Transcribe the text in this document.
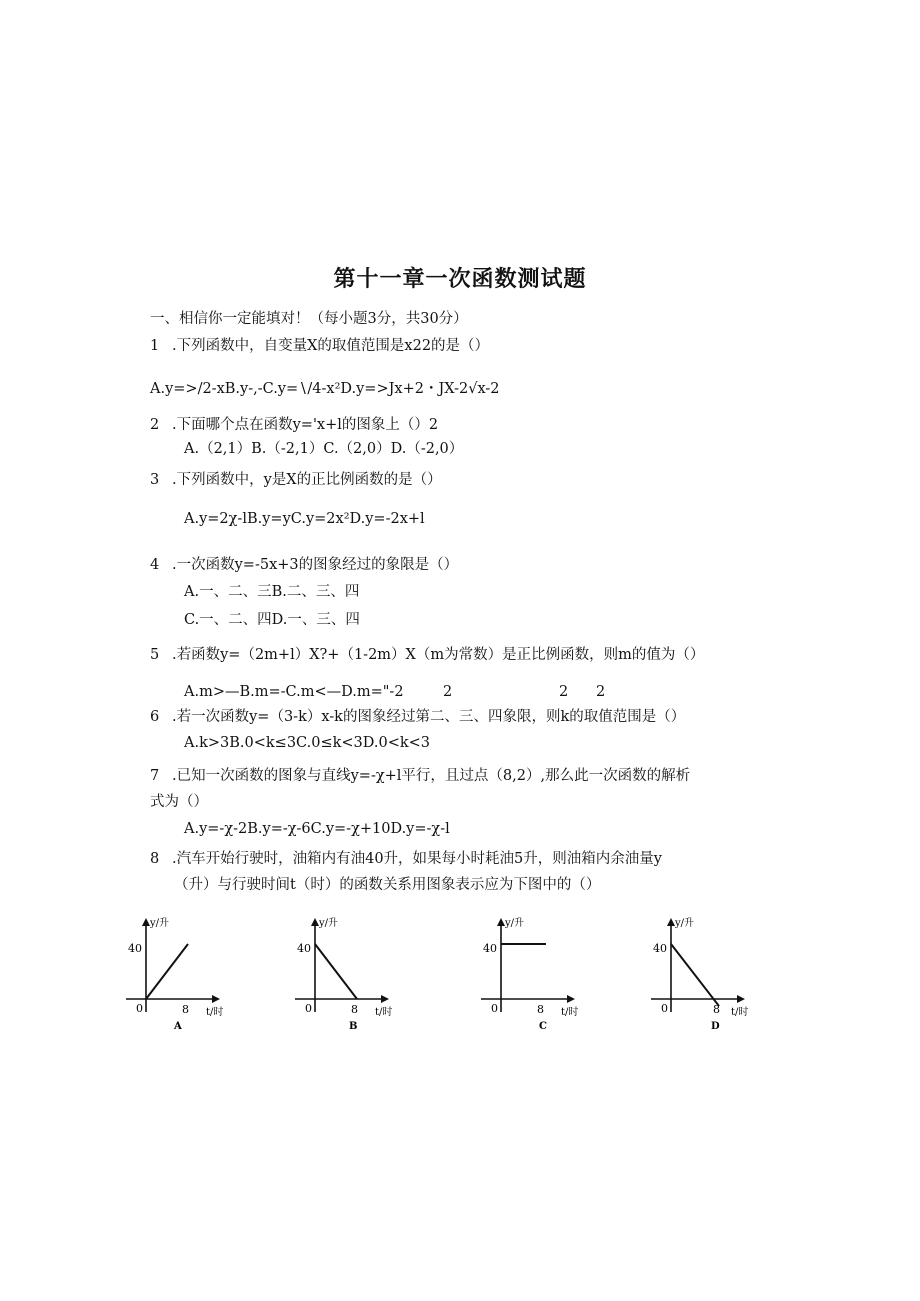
第十一章一次函数测试题
一、相信你一定能填对！（每小题3分，共30分）
1 .下列函数中，自变量X的取值范围是x22的是（）
A.y=>/2-xB.y-,-C.y=∖/4-x²D.y=>Jx+2・JX-2√x-2
2 .下面哪个点在函数y='x+l的图象上（）2
A.（2,1）B.（-2,1）C.（2,0）D.（-2,0）
3 .下列函数中，y是X的正比例函数的是（）
A.y=2χ-lB.y=yC.y=2x²D.y=-2x+l
4 .一次函数y=-5x+3的图象经过的象限是（）
A.一、二、三B.二、三、四
C.一、二、四D.一、三、四
5 .若函数y=（2m+l）X?+（1-2m）X（m为常数）是正比例函数，则m的值为（）
A.m>—B.m=-C.m<—D.m="-2	2	2 2
6 .若一次函数y=（3-k）x-k的图象经过第二、三、四象限，则k的取值范围是（）
A.k>3B.0<k≤3C.0≤k<3D.0<k<3
7 .已知一次函数的图象与直线y=-χ+l平行，且过点（8,2）,那么此一次函数的解析
式为（）
A.y=-χ-2B.y=-χ-6C.y=-χ+10D.y=-χ-l
8 .汽车开始行驶时，油箱内有油40升，如果每小时耗油5升，则油箱内余油量y
（升）与行驶时间t（时）的函数关系用图象表示应为下图中的（）
y/升
40
0	8 t/时
A
y/升
40
0	8 t/时
B
y/升
40
0	8 t/时
C
y/升
40
0	8 t/时
D
